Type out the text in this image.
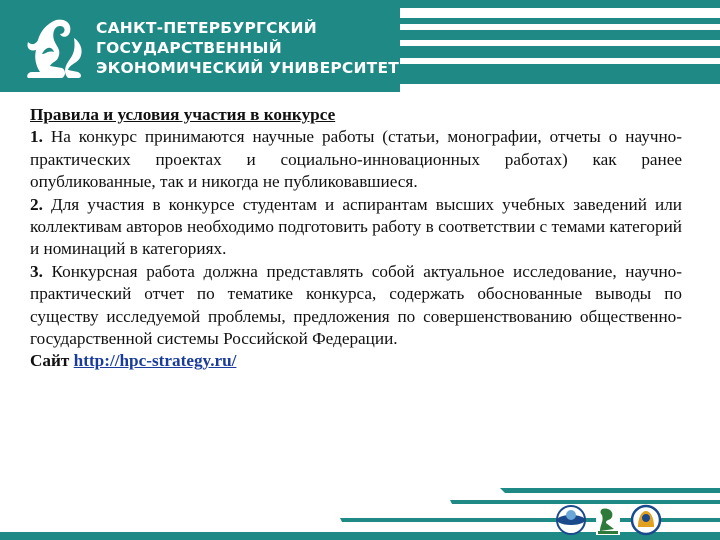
САНКТ-ПЕТЕРБУРГСКИЙ
ГОСУДАРСТВЕННЫЙ
ЭКОНОМИЧЕСКИЙ УНИВЕРСИТЕТ

Правила и условия участия в конкурсе

1. На конкурс принимаются научные работы (статьи, монографии, отчеты о научно-практических проектах и социально-инновационных работах) как ранее опубликованные, так и никогда не публиковавшиеся.

2. Для участия в конкурсе студентам и аспирантам высших учебных заведений или коллективам авторов необходимо подготовить работу в соответствии с темами категорий и номинаций в категориях.

3. Конкурсная работа должна представлять собой актуальное исследование, научно-практический отчет по тематике конкурса, содержать обоснованные выводы по существу исследуемой проблемы, предложения по совершенствованию общественно-государственной системы Российской Федерации.

Сайт http://hpc-strategy.ru/
